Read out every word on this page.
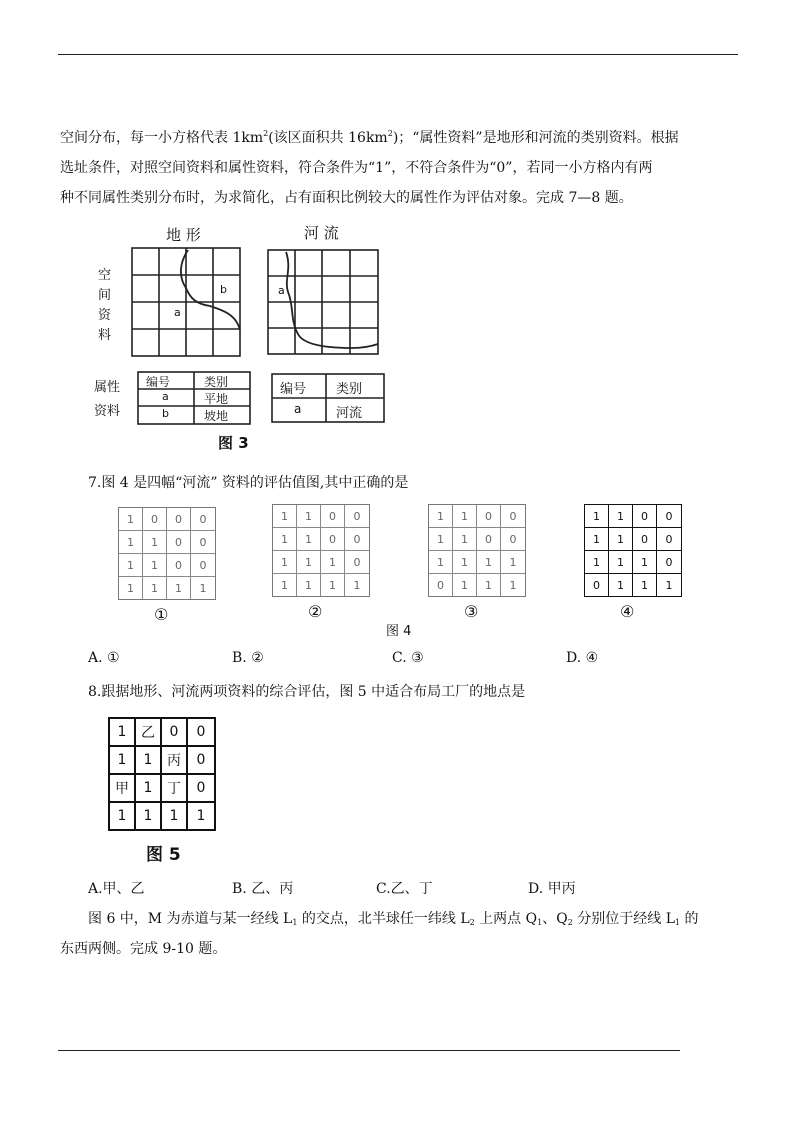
空间分布，每一小方格代表 $1km^2$(该区面积共 $16km^2$)；“属性资料”是地形和河流的类别资料。根据
选址条件，对照空间资料和属性资料，符合条件为“1”，不符合条件为“0”，若同一小方格内有两
种不同属性类别分布时，为求简化，占有面积比例较大的属性作为评估对象。完成 7—8 题。
地 形	河 流
空
间
资
料
a
b	a
属性
资料
编号	类别
a	平地
b	坡地
编号 类别
a	河流
图 3
7.图 4 是四幅“河流” 资料的评估值图,其中正确的是
1	0	0	0
1	1	0	0
1	1	0	0
1	1	1	1
①
1	1	0	0
1	1	0	0
1	1	1	0
1	1	1	1
②
1	1	0	0
1	1	0	0
1	1	1	1
0	1	1	1
③
1	1	0	0
1	1	0	0
1	1	1	0
0	1	1	1
④
图 4
A. ①	B. ②	C. ③	D. ④
8.跟据地形、河流两项资料的综合评估，图 5 中适合布局工厂的地点是
1	乙	0	0
1	1	丙	0
甲	1	丁	0
1	1	1	1
图 5
A.甲、乙	B. 乙、丙	C.乙、丁	D. 甲丙
图 6 中，M 为赤道与某一经线 $L_1$ 的交点，北半球任一纬线 $L_2$ 上两点 $Q_1$、$Q_2$ 分别位于经线 $L_1$ 的
东西两侧。完成 9-10 题。
